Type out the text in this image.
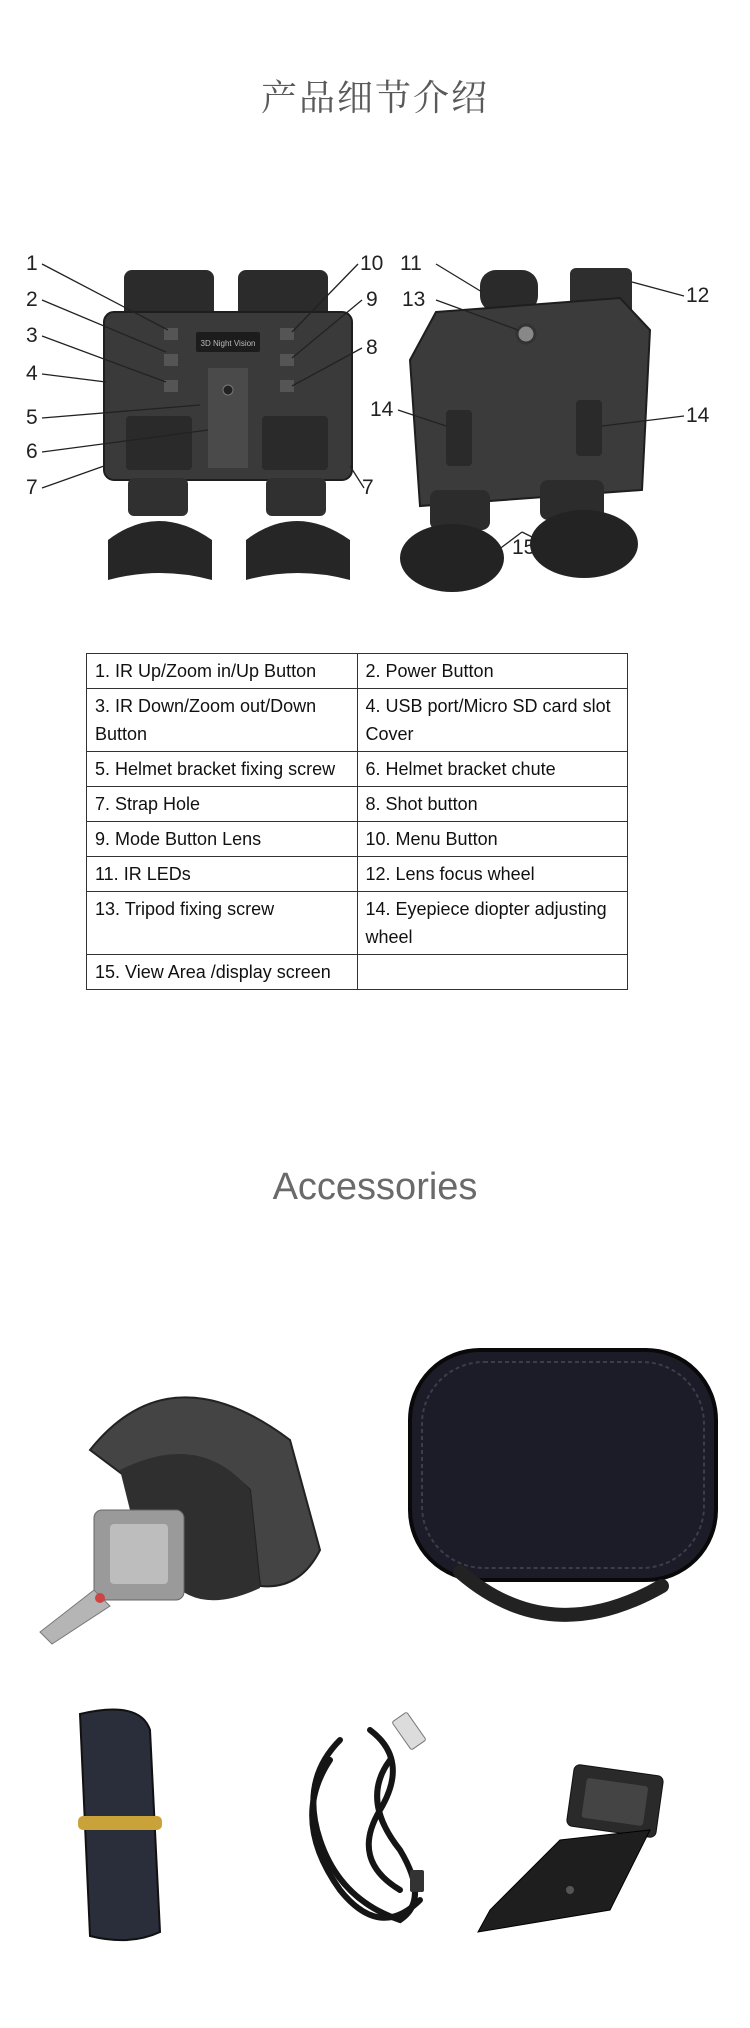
产品细节介绍
3D Night Vision
1
2
3
4
5
6
7	7
10
9
8
11
12
13
14	14
15
1. IR Up/Zoom in/Up Button	2. Power Button
3. IR Down/Zoom out/Down Button	4. USB port/Micro SD card slot Cover
5. Helmet bracket fixing screw	6. Helmet bracket chute
7. Strap Hole	8. Shot button
9. Mode Button Lens	10. Menu Button
11. IR LEDs	12. Lens focus wheel
13. Tripod fixing screw	14. Eyepiece diopter adjusting wheel
15. View Area /display screen	
Accessories
